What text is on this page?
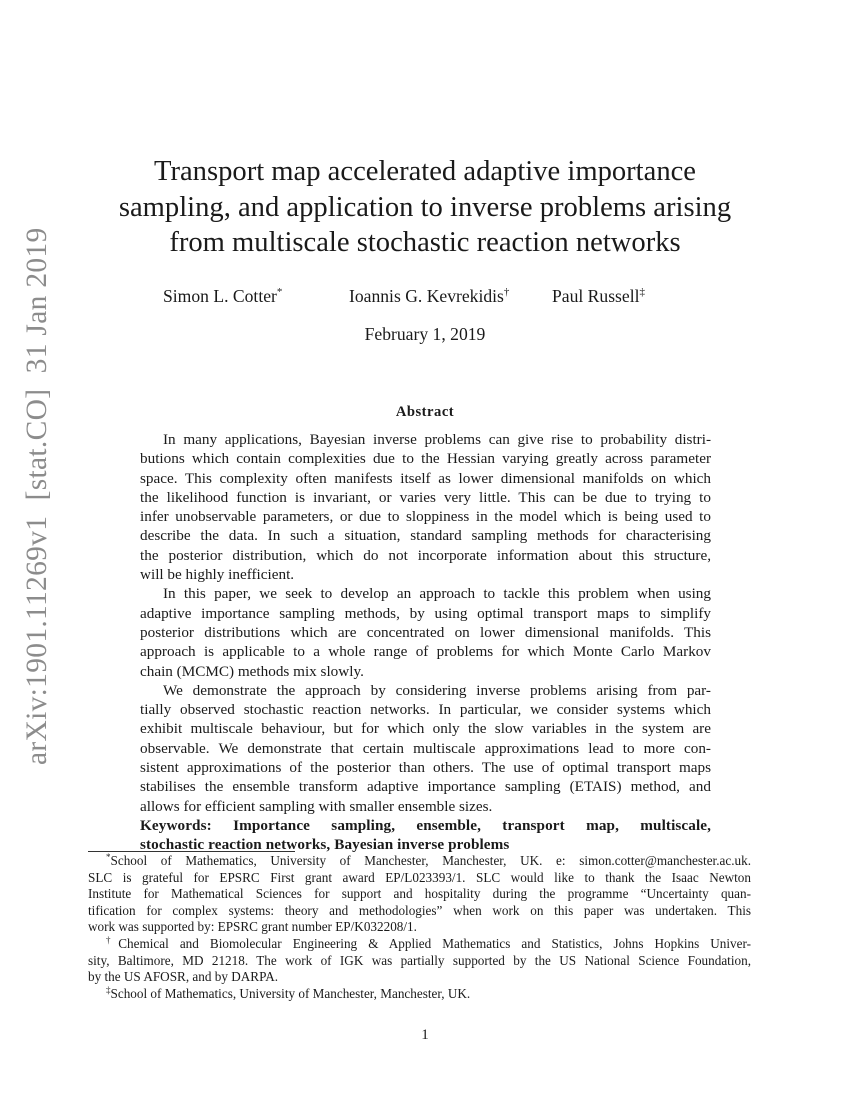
arXiv:1901.11269v1  [stat.CO]  31 Jan 2019
Transport map accelerated adaptive importance
sampling, and application to inverse problems arising
from multiscale stochastic reaction networks
Simon L. Cotter*	Ioannis G. Kevrekidis† Paul Russell‡
February 1, 2019
Abstract
In many applications, Bayesian inverse problems can give rise to probability distri-
butions which contain complexities due to the Hessian varying greatly across parameter
space. This complexity often manifests itself as lower dimensional manifolds on which
the likelihood function is invariant, or varies very little. This can be due to trying to
infer unobservable parameters, or due to sloppiness in the model which is being used to
describe the data. In such a situation, standard sampling methods for characterising
the posterior distribution, which do not incorporate information about this structure,
will be highly inefficient.
In this paper, we seek to develop an approach to tackle this problem when using
adaptive importance sampling methods, by using optimal transport maps to simplify
posterior distributions which are concentrated on lower dimensional manifolds. This
approach is applicable to a whole range of problems for which Monte Carlo Markov
chain (MCMC) methods mix slowly.
We demonstrate the approach by considering inverse problems arising from par-
tially observed stochastic reaction networks. In particular, we consider systems which
exhibit multiscale behaviour, but for which only the slow variables in the system are
observable. We demonstrate that certain multiscale approximations lead to more con-
sistent approximations of the posterior than others. The use of optimal transport maps
stabilises the ensemble transform adaptive importance sampling (ETAIS) method, and
allows for efficient sampling with smaller ensemble sizes.
Keywords: Importance sampling, ensemble, transport map, multiscale,
stochastic reaction networks, Bayesian inverse problems
*School of Mathematics, University of Manchester, Manchester, UK. e: simon.cotter@manchester.ac.uk.
SLC is grateful for EPSRC First grant award EP/L023393/1. SLC would like to thank the Isaac Newton
Institute for Mathematical Sciences for support and hospitality during the programme “Uncertainty quan-
tification for complex systems: theory and methodologies” when work on this paper was undertaken. This
work was supported by: EPSRC grant number EP/K032208/1.
†Chemical and Biomolecular Engineering & Applied Mathematics and Statistics, Johns Hopkins Univer-
sity, Baltimore, MD 21218. The work of IGK was partially supported by the US National Science Foundation,
by the US AFOSR, and by DARPA.
‡School of Mathematics, University of Manchester, Manchester, UK.
1
